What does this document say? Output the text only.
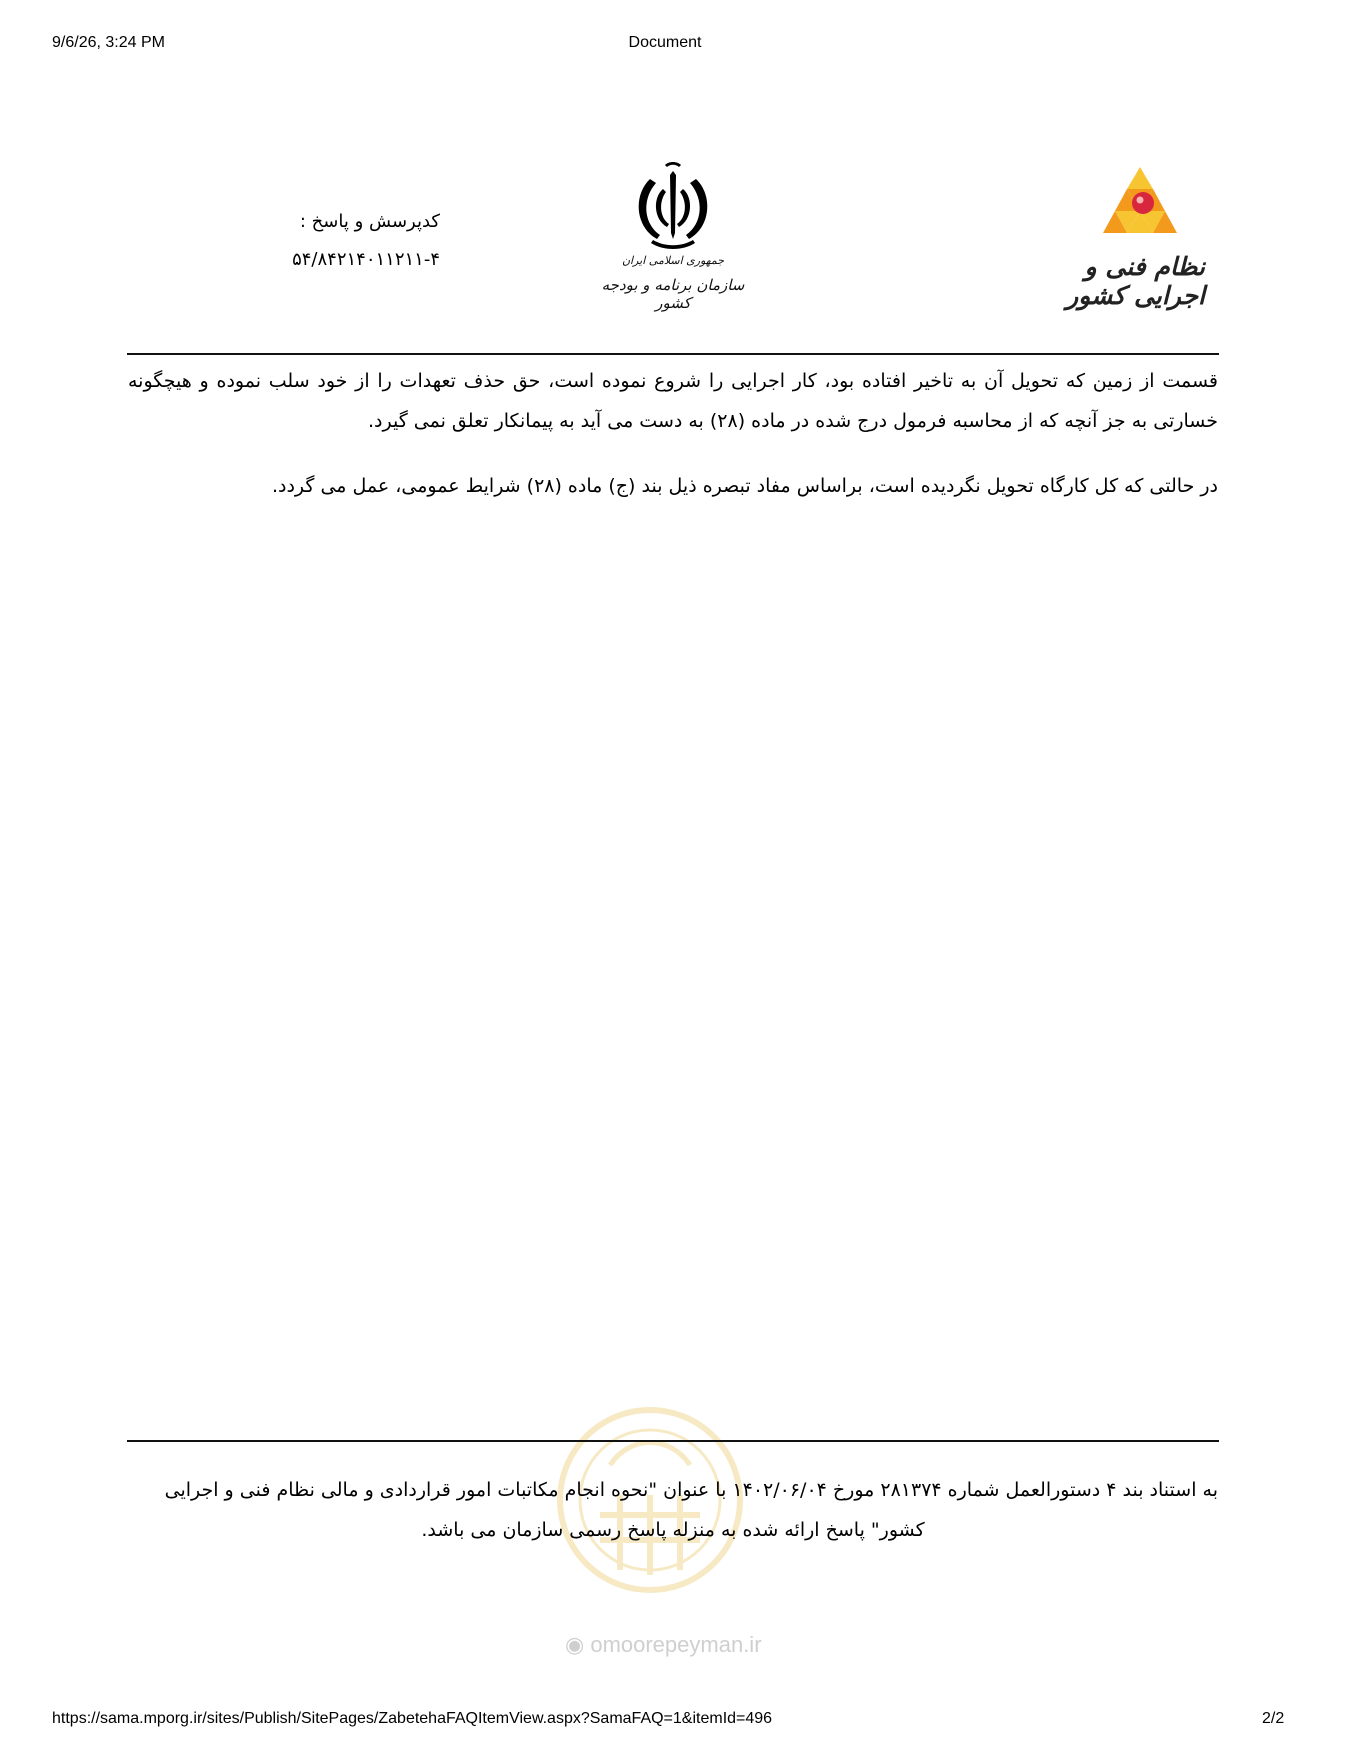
9/6/26, 3:24 PM	Document
کدپرسش و پاسخ :
۵۴/۸۴۲۱۴۰۱۱۲۱۱-۴	جمهوری اسلامی ایران
سازمان برنامه و بودجه کشور
نظام فنی و اجرایی کشور
قسمت از زمین که تحویل آن به تاخیر افتاده بود، کار اجرایی را شروع نموده است، حق حذف تعهدات را از خود سلب نموده و هیچگونه خسارتی به جز آنچه که از محاسبه فرمول درج شده در ماده (۲۸) به دست می آید به پیمانکار تعلق نمی گیرد.
در حالتی که کل کارگاه تحویل نگردیده است، براساس مفاد تبصره ذیل بند (ج) ماده (۲۸) شرایط عمومی، عمل می گردد.
◉ omoorepeyman.ir
به استناد بند ۴ دستورالعمل شماره ۲۸۱۳۷۴ مورخ ۱۴۰۲/۰۶/۰۴ با عنوان "نحوه انجام مکاتبات امور قراردادی و مالی نظام فنی و اجرایی
کشور" پاسخ ارائه شده به منزله پاسخ رسمی سازمان می باشد.
https://sama.mporg.ir/sites/Publish/SitePages/ZabetehaFAQItemView.aspx?SamaFAQ=1&itemId=496	2/2
